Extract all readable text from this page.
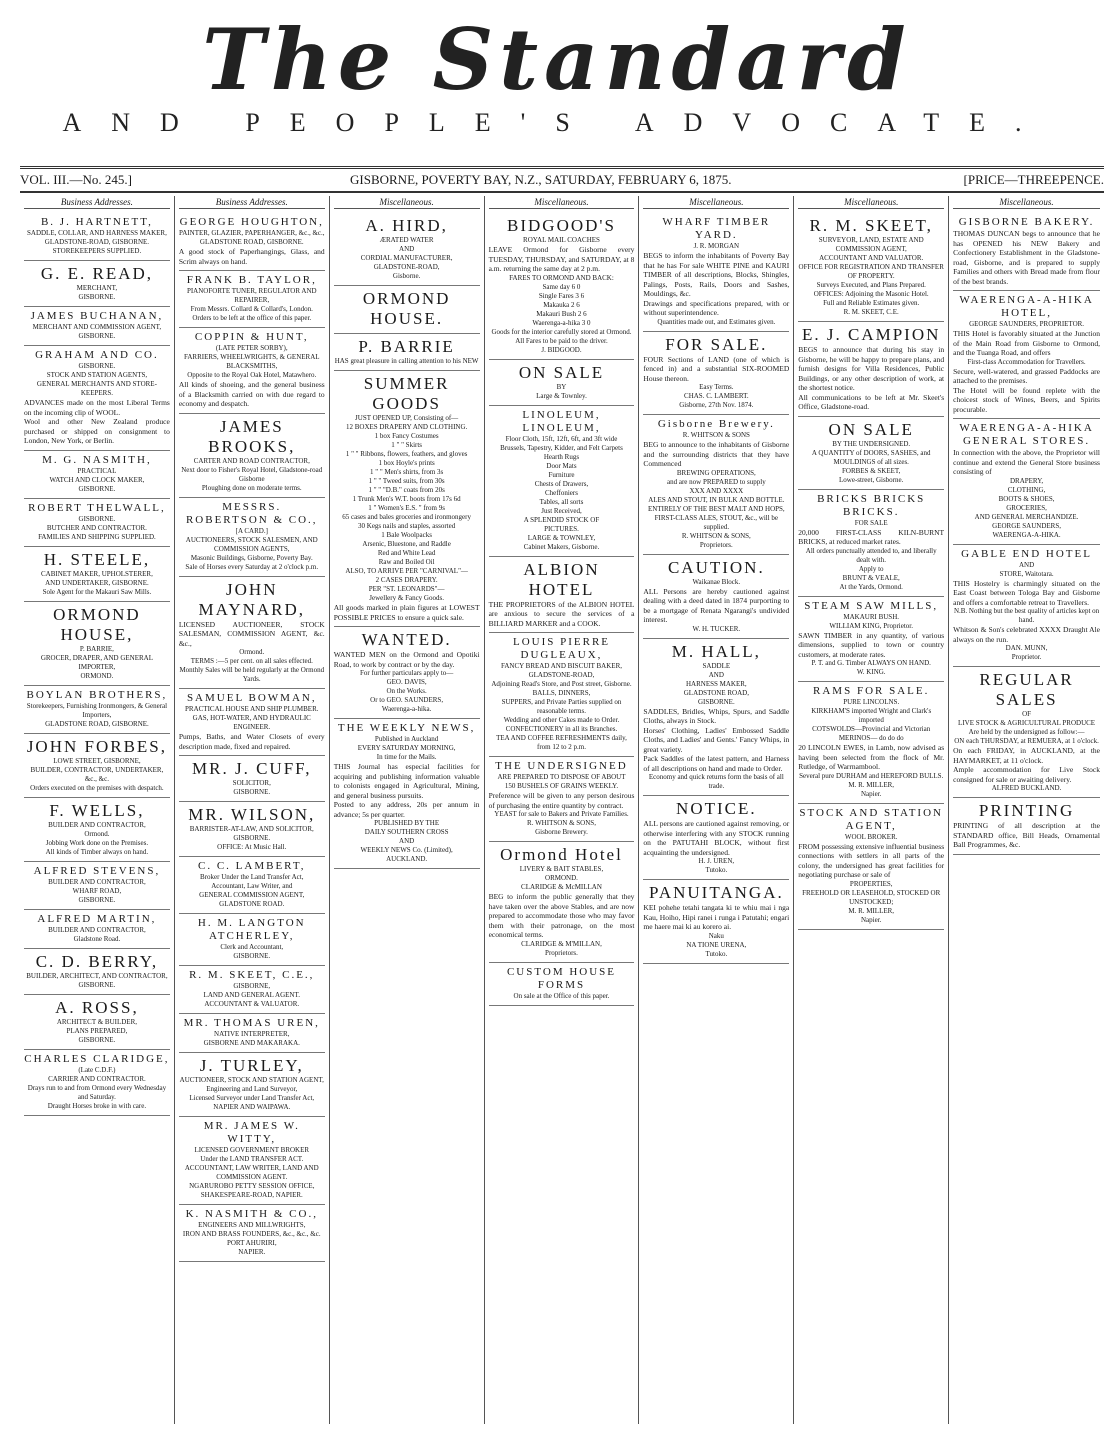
The Standard
AND PEOPLE'S ADVOCATE.
VOL. III.—No. 245.]	GISBORNE, POVERTY BAY, N.Z., SATURDAY, FEBRUARY 6, 1875.	[PRICE—THREEPENCE.
Business Addresses.
B. J. HARTNETT,
SADDLE, COLLAR, AND HARNESS MAKER,
GLADSTONE-ROAD, GISBORNE.
STOREKEEPERS SUPPLIED.
G. E. READ,
MERCHANT,
GISBORNE.
JAMES BUCHANAN,
MERCHANT AND COMMISSION AGENT,
GISBORNE.
GRAHAM AND CO.
GISBORNE.
STOCK AND STATION AGENTS,
GENERAL MERCHANTS AND STORE-KEEPERS.
ADVANCES made on the most Liberal Terms on the incoming clip of WOOL.
Wool and other New Zealand produce purchased or shipped on consignment to London, New York, or Berlin.
M. G. NASMITH,
PRACTICAL
WATCH AND CLOCK MAKER,
GISBORNE.
ROBERT THELWALL,
GISBORNE.
BUTCHER AND CONTRACTOR.
FAMILIES AND SHIPPING SUPPLIED.
H. STEELE,
CABINET MAKER, UPHOLSTERER,
AND UNDERTAKER, GISBORNE.
Sole Agent for the Makauri Saw Mills.
ORMOND HOUSE,
P. BARRIE,
GROCER, DRAPER, AND GENERAL IMPORTER,
ORMOND.
BOYLAN BROTHERS,
Storekeepers, Furnishing Ironmongers, & General Importers,
GLADSTONE ROAD, GISBORNE.
JOHN FORBES,
LOWE STREET, GISBORNE,
BUILDER, CONTRACTOR, UNDERTAKER, &c., &c.
Orders executed on the premises with despatch.
F. WELLS,
BUILDER AND CONTRACTOR,
Ormond.
Jobbing Work done on the Premises.
All kinds of Timber always on hand.
ALFRED STEVENS,
BUILDER AND CONTRACTOR,
WHARF ROAD,
GISBORNE.
ALFRED MARTIN,
BUILDER AND CONTRACTOR,
Gladstone Road.
C. D. BERRY,
BUILDER, ARCHITECT, AND CONTRACTOR,
GISBORNE.
A. ROSS,
ARCHITECT & BUILDER,
PLANS PREPARED,
GISBORNE.
CHARLES CLARIDGE,
(Late C.D.F.)
CARRIER AND CONTRACTOR.
Drays run to and from Ormond every Wednesday and Saturday.
Draught Horses broke in with care.
Business Addresses.
GEORGE HOUGHTON,
PAINTER, GLAZIER, PAPERHANGER, &c., &c.,
GLADSTONE ROAD, GISBORNE.
A good stock of Paperhangings, Glass, and Scrim always on hand.
FRANK B. TAYLOR,
PIANOFORTE TUNER, REGULATOR AND REPAIRER,
From Messrs. Collard & Collard's, London.
Orders to be left at the office of this paper.
COPPIN & HUNT,
(LATE PETER SORBY),
FARRIERS, WHEELWRIGHTS, & GENERAL BLACKSMITHS,
Opposite to the Royal Oak Hotel, Matawhero.
All kinds of shoeing, and the general business of a Blacksmith carried on with due regard to economy and despatch.
JAMES BROOKS,
CARTER AND ROAD CONTRACTOR,
Next door to Fisher's Royal Hotel, Gladstone-road Gisborne
Ploughing done on moderate terms.
MESSRS. ROBERTSON & CO.,
[A CARD.]
AUCTIONEERS, STOCK SALESMEN, AND COMMISSION AGENTS,
Masonic Buildings, Gisborne, Poverty Bay.
Sale of Horses every Saturday at 2 o'clock p.m.
JOHN MAYNARD,
LICENSED AUCTIONEER, STOCK SALESMAN, COMMISSION AGENT, &c. &c.,
Ormond.
TERMS :—5 per cent. on all sales effected.
Monthly Sales will be held regularly at the Ormond Yards.
SAMUEL BOWMAN,
PRACTICAL HOUSE AND SHIP PLUMBER.
GAS, HOT-WATER, AND HYDRAULIC ENGINEER.
Pumps, Baths, and Water Closets of every description made, fixed and repaired.
MR. J. CUFF,
SOLICITOR,
GISBORNE.
MR. WILSON,
BARRISTER-AT-LAW, AND SOLICITOR,
GISBORNE.
OFFICE: At Music Hall.
C. C. LAMBERT,
Broker Under the Land Transfer Act,
Accountant, Law Writer, and
GENERAL COMMISSION AGENT,
GLADSTONE ROAD.
H. M. LANGTON ATCHERLEY,
Clerk and Accountant,
GISBORNE.
R. M. SKEET, C.E.,
GISBORNE,
LAND AND GENERAL AGENT.
ACCOUNTANT & VALUATOR.
MR. THOMAS UREN,
NATIVE INTERPRETER,
GISBORNE AND MAKARAKA.
J. TURLEY,
AUCTIONEER, STOCK AND STATION AGENT,
Engineering and Land Surveyor,
Licensed Surveyor under Land Transfer Act,
NAPIER AND WAIPAWA.
MR. JAMES W. WITTY,
LICENSED GOVERNMENT BROKER
Under the LAND TRANSFER ACT.
ACCOUNTANT, LAW WRITER, LAND AND COMMISSION AGENT.
NGARUROBO PETTY SESSION OFFICE,
SHAKESPEARE-ROAD, NAPIER.
K. NASMITH & CO.,
ENGINEERS AND MILLWRIGHTS,
IRON AND BRASS FOUNDERS, &c., &c., &c.
PORT AHURIRI,
NAPIER.
Miscellaneous.
A. HIRD,
ÆRATED WATER
AND
CORDIAL MANUFACTURER,
GLADSTONE-ROAD,
Gisborne.
ORMOND HOUSE.
P. BARRIE
HAS great pleasure in calling attention to his NEW
SUMMER GOODS
JUST OPENED UP, Consisting of—
12 BOXES DRAPERY AND CLOTHING.
1 box Fancy Costumes
1 " " Skirts
1 " " Ribbons, flowers, feathers, and gloves
1 box Hoyle's prints
1 " " Men's shirts, from 3s
1 " " Tweed suits, from 30s
1 " " "D.B." coats from 20s
1 Trunk Men's W.T. boots from 17s 6d
1 " Women's E.S. " from 9s
65 cases and bales groceries and ironmongery
30 Kegs nails and staples, assorted
1 Bale Woolpacks
Arsenic, Bluestone, and Raddle
Red and White Lead
Raw and Boiled Oil
ALSO, TO ARRIVE PER "CARNIVAL"—
2 CASES DRAPERY.
PER "ST. LEONARDS"—
Jewellery & Fancy Goods.
All goods marked in plain figures at LOWEST POSSIBLE PRICES to ensure a quick sale.
WANTED.
WANTED MEN on the Ormond and Opotiki Road, to work by contract or by the day.
For further particulars apply to—
GEO. DAVIS,
On the Works.
Or to GEO. SAUNDERS,
Waerenga-a-hika.
THE WEEKLY NEWS,
Published in Auckland
EVERY SATURDAY MORNING,
In time for the Mails.
THIS Journal has especial facilities for acquiring and publishing information valuable to colonists engaged in Agricultural, Mining, and general business pursuits.
Posted to any address, 20s per annum in advance; 5s per quarter.
PUBLISHED BY THE
DAILY SOUTHERN CROSS
AND
WEEKLY NEWS Co. (Limited),
AUCKLAND.
Miscellaneous.
BIDGOOD'S
ROYAL MAIL COACHES
LEAVE Ormond for Gisborne every TUESDAY, THURSDAY, and SATURDAY, at 8 a.m. returning the same day at 2 p.m.
FARES TO ORMOND AND BACK:
Same day 6 0
Single Fares 3 6
Makauka 2 6
Makauri Bush 2 6
Waerenga-a-hika 3 0
Goods for the interior carefully stored at Ormond.
All Fares to be paid to the driver.
J. BIDGOOD.
ON SALE
BY
Large & Townley.
LINOLEUM, LINOLEUM,
Floor Cloth, 15ft, 12ft, 6ft, and 3ft wide
Brussels, Tapestry, Kidder, and Felt Carpets
Hearth Rugs
Door Mats
Furniture
Chests of Drawers,
Cheffoniers
Tables, all sorts
Just Received,
A SPLENDID STOCK OF
PICTURES.
LARGE & TOWNLEY,
Cabinet Makers, Gisborne.
ALBION HOTEL
THE PROPRIETORS of the ALBION HOTEL are anxious to secure the services of a BILLIARD MARKER and a COOK.
LOUIS PIERRE DUGLEAUX,
FANCY BREAD AND BISCUIT BAKER,
GLADSTONE-ROAD,
Adjoining Read's Store, and Post street, Gisborne.
BALLS, DINNERS,
SUPPERS, and Private Parties supplied on reasonable terms.
Wedding and other Cakes made to Order.
CONFECTIONERY in all its Branches.
TEA AND COFFEE REFRESHMENTS daily, from 12 to 2 p.m.
THE UNDERSIGNED
ARE PREPARED TO DISPOSE OF ABOUT
150 BUSHELS OF GRAINS WEEKLY.
Preference will be given to any person desirous of purchasing the entire quantity by contract.
YEAST for sale to Bakers and Private Families.
R. WHITSON & SONS,
Gisborne Brewery.
Ormond Hotel
LIVERY & BAIT STABLES,
ORMOND.
CLARIDGE & McMILLAN
BEG to inform the public generally that they have taken over the above Stables, and are now prepared to accommodate those who may favor them with their patronage, on the most economical terms.
CLARIDGE & M'MILLAN,
Proprietors.
CUSTOM HOUSE FORMS
On sale at the Office of this paper.
Miscellaneous.
WHARF TIMBER YARD.
J. R. MORGAN
BEGS to inform the inhabitants of Poverty Bay that he has For sale WHITE PINE and KAURI TIMBER of all descriptions, Blocks, Shingles, Palings, Posts, Rails, Doors and Sashes, Mouldings, &c.
Drawings and specifications prepared, with or without superintendence.
Quantities made out, and Estimates given.
FOR SALE.
FOUR Sections of LAND (one of which is fenced in) and a substantial SIX-ROOMED House thereon.
Easy Terms.
CHAS. C. LAMBERT.
Gisborne, 27th Nov. 1874.
Gisborne Brewery.
R. WHITSON & SONS
BEG to announce to the inhabitants of Gisborne and the surrounding districts that they have Commenced
BREWING OPERATIONS,
and are now PREPARED to supply
XXX AND XXXX
ALES AND STOUT, IN BULK AND BOTTLE.
ENTIRELY OF THE BEST MALT AND HOPS,
FIRST-CLASS ALES, STOUT, &c., will be supplied.
R. WHITSON & SONS,
Proprietors.
CAUTION.
Waikanae Block.
ALL Persons are hereby cautioned against dealing with a deed dated in 1874 purporting to be a mortgage of Renata Ngarangi's undivided interest.
W. H. TUCKER.
M. HALL,
SADDLE
AND
HARNESS MAKER,
GLADSTONE ROAD,
GISBORNE.
SADDLES, Bridles, Whips, Spurs, and Saddle Cloths, always in Stock.
Horses' Clothing, Ladies' Embossed Saddle Cloths, and Ladies' and Gents.' Fancy Whips, in great variety.
Pack Saddles of the latest pattern, and Harness of all descriptions on hand and made to Order.
Economy and quick returns form the basis of all trade.
NOTICE.
ALL persons are cautioned against removing, or otherwise interfering with any STOCK running on the PATUTAHI BLOCK, without first acquainting the undersigned.
H. J. UREN,
Tutoko.
PANUITANGA.
KEI pohehe tetahi tangata ki te whiu mai i nga Kau, Hoiho, Hipi ranei i runga i Patutahi; engari me haere mai ki au korero ai.
Naku
NA TIONE URENA,
Tutoko.
Miscellaneous.
R. M. SKEET,
SURVEYOR, LAND, ESTATE AND COMMISSION AGENT,
ACCOUNTANT AND VALUATOR.
OFFICE FOR REGISTRATION AND TRANSFER OF PROPERTY.
Surveys Executed, and Plans Prepared.
OFFICES: Adjoining the Masonic Hotel.
Full and Reliable Estimates given.
R. M. SKEET, C.E.
E. J. CAMPION
BEGS to announce that during his stay in Gisborne, he will be happy to prepare plans, and furnish designs for Villa Residences, Public Buildings, or any other description of work, at the shortest notice.
All communications to be left at Mr. Skeet's Office, Gladstone-road.
ON SALE
BY THE UNDERSIGNED.
A QUANTITY of DOORS, SASHES, and MOULDINGS of all sizes.
FORBES & SKEET,
Lowe-street, Gisborne.
BRICKS BRICKS BRICKS.
FOR SALE
20,000 FIRST-CLASS KILN-BURNT BRICKS, at reduced market rates.
All orders punctually attended to, and liberally dealt with.
Apply to
BRUNT & VEALE,
At the Yards, Ormond.
STEAM SAW MILLS,
MAKAURI BUSH.
WILLIAM KING, Proprietor.
SAWN TIMBER in any quantity, of various dimensions, supplied to town or country customers, at moderate rates.
P. T. and G. Timber ALWAYS ON HAND.
W. KING.
RAMS FOR SALE.
PURE LINCOLNS.
KIRKHAM'S imported Wright and Clark's imported
COTSWOLDS—Provincial and Victorian
MERINOS— do do do
20 LINCOLN EWES, in Lamb, now advised as having been selected from the flock of Mr. Rutledge, of Warrnambool.
Several pure DURHAM and HEREFORD BULLS.
M. R. MILLER,
Napier.
STOCK AND STATION AGENT,
WOOL BROKER.
FROM possessing extensive influential business connections with settlers in all parts of the colony, the undersigned has great facilities for negotiating purchase or sale of
PROPERTIES,
FREEHOLD OR LEASEHOLD, STOCKED OR UNSTOCKED;
M. R. MILLER,
Napier.
Miscellaneous.
GISBORNE BAKERY.
THOMAS DUNCAN begs to announce that he has OPENED his NEW Bakery and Confectionery Establishment in the Gladstone-road, Gisborne, and is prepared to supply Families and others with Bread made from flour of the best brands.
WAERENGA-A-HIKA HOTEL,
GEORGE SAUNDERS, PROPRIETOR.
THIS Hotel is favorably situated at the Junction of the Main Road from Gisborne to Ormond, and the Tuanga Road, and offers
First-class Accommodation for Travellers.
Secure, well-watered, and grassed Paddocks are attached to the premises.
The Hotel will be found replete with the choicest stock of Wines, Beers, and Spirits procurable.
WAERENGA-A-HIKA GENERAL STORES.
In connection with the above, the Proprietor will continue and extend the General Store business consisting of
DRAPERY,
CLOTHING,
BOOTS & SHOES,
GROCERIES,
AND GENERAL MERCHANDIZE.
GEORGE SAUNDERS,
WAERENGA-A-HIKA.
GABLE END HOTEL
AND
STORE, Waitotara.
THIS Hostelry is charmingly situated on the East Coast between Tologa Bay and Gisborne and offers a comfortable retreat to Travellers.
N.B. Nothing but the best quality of articles kept on hand.
Whitson & Son's celebrated XXXX Draught Ale always on the run.
DAN. MUNN,
Proprietor.
REGULAR SALES
OF
LIVE STOCK & AGRICULTURAL PRODUCE
Are held by the undersigned as follow:—
ON each THURSDAY, at REMUERA, at 1 o'clock.
On each FRIDAY, in AUCKLAND, at the HAYMARKET, at 11 o'clock.
Ample accommodation for Live Stock consigned for sale or awaiting delivery.
ALFRED BUCKLAND.
PRINTING
PRINTING of all description at the STANDARD office, Bill Heads, Ornamental Ball Programmes, &c.
